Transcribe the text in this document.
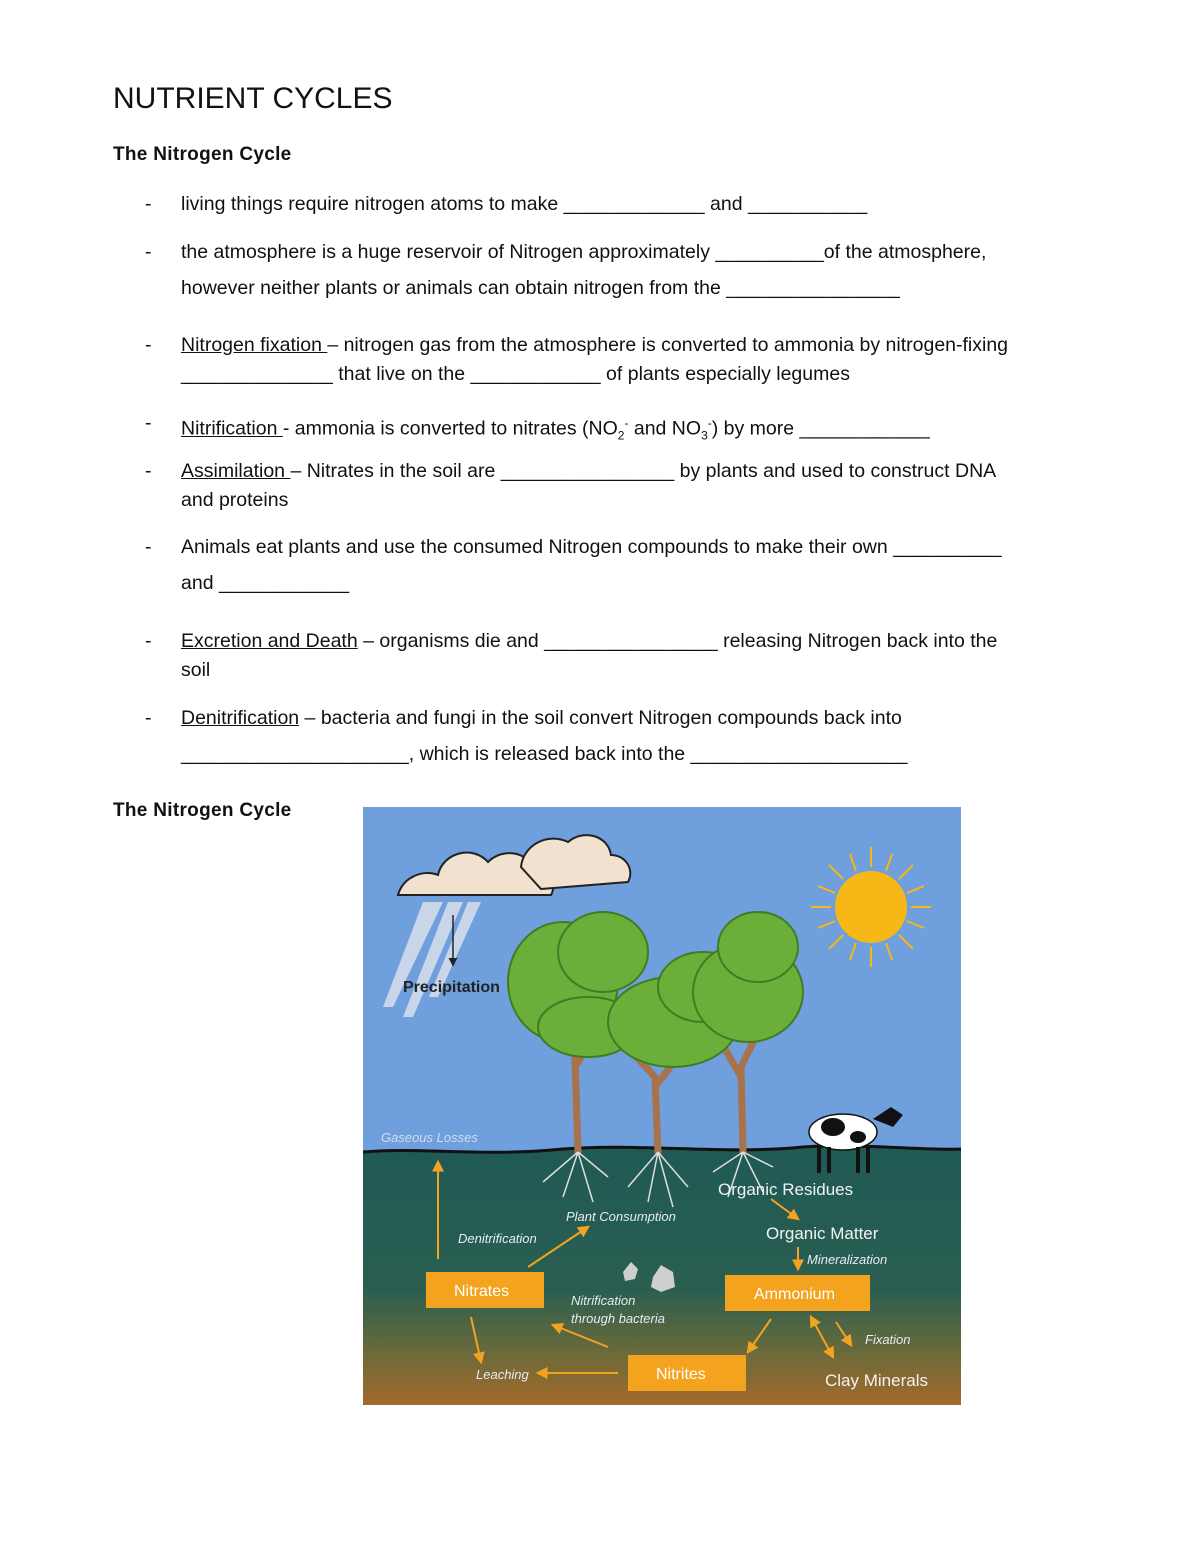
NUTRIENT CYCLES
The Nitrogen Cycle
- living things require nitrogen atoms to make _____________ and ___________
- the atmosphere is a huge reservoir of Nitrogen approximately __________of the atmosphere,
however neither plants or animals can obtain nitrogen from the ________________
- Nitrogen fixation – nitrogen gas from the atmosphere is converted to ammonia by nitrogen-fixing
______________ that live on the ____________ of plants especially legumes
- Nitrification - ammonia is converted to nitrates ($NO_2^-$ and $NO_3^-$) by more ____________
- Assimilation – Nitrates in the soil are ________________ by plants and used to construct DNA
and proteins
- Animals eat plants and use the consumed Nitrogen compounds to make their own __________
and ____________
- Excretion and Death – organisms die and ________________ releasing Nitrogen back into the
soil
- Denitrification – bacteria and fungi in the soil convert Nitrogen compounds back into
_____________________, which is released back into the ____________________
The Nitrogen Cycle
Precipitation
Gaseous Losses
Plant Consumption
Denitrification
Mineralization
Nitrification
through bacteria
Fixation
Leaching
Organic Residues
Organic Matter
Clay Minerals
Nitrates	Ammonium
Nitrites
